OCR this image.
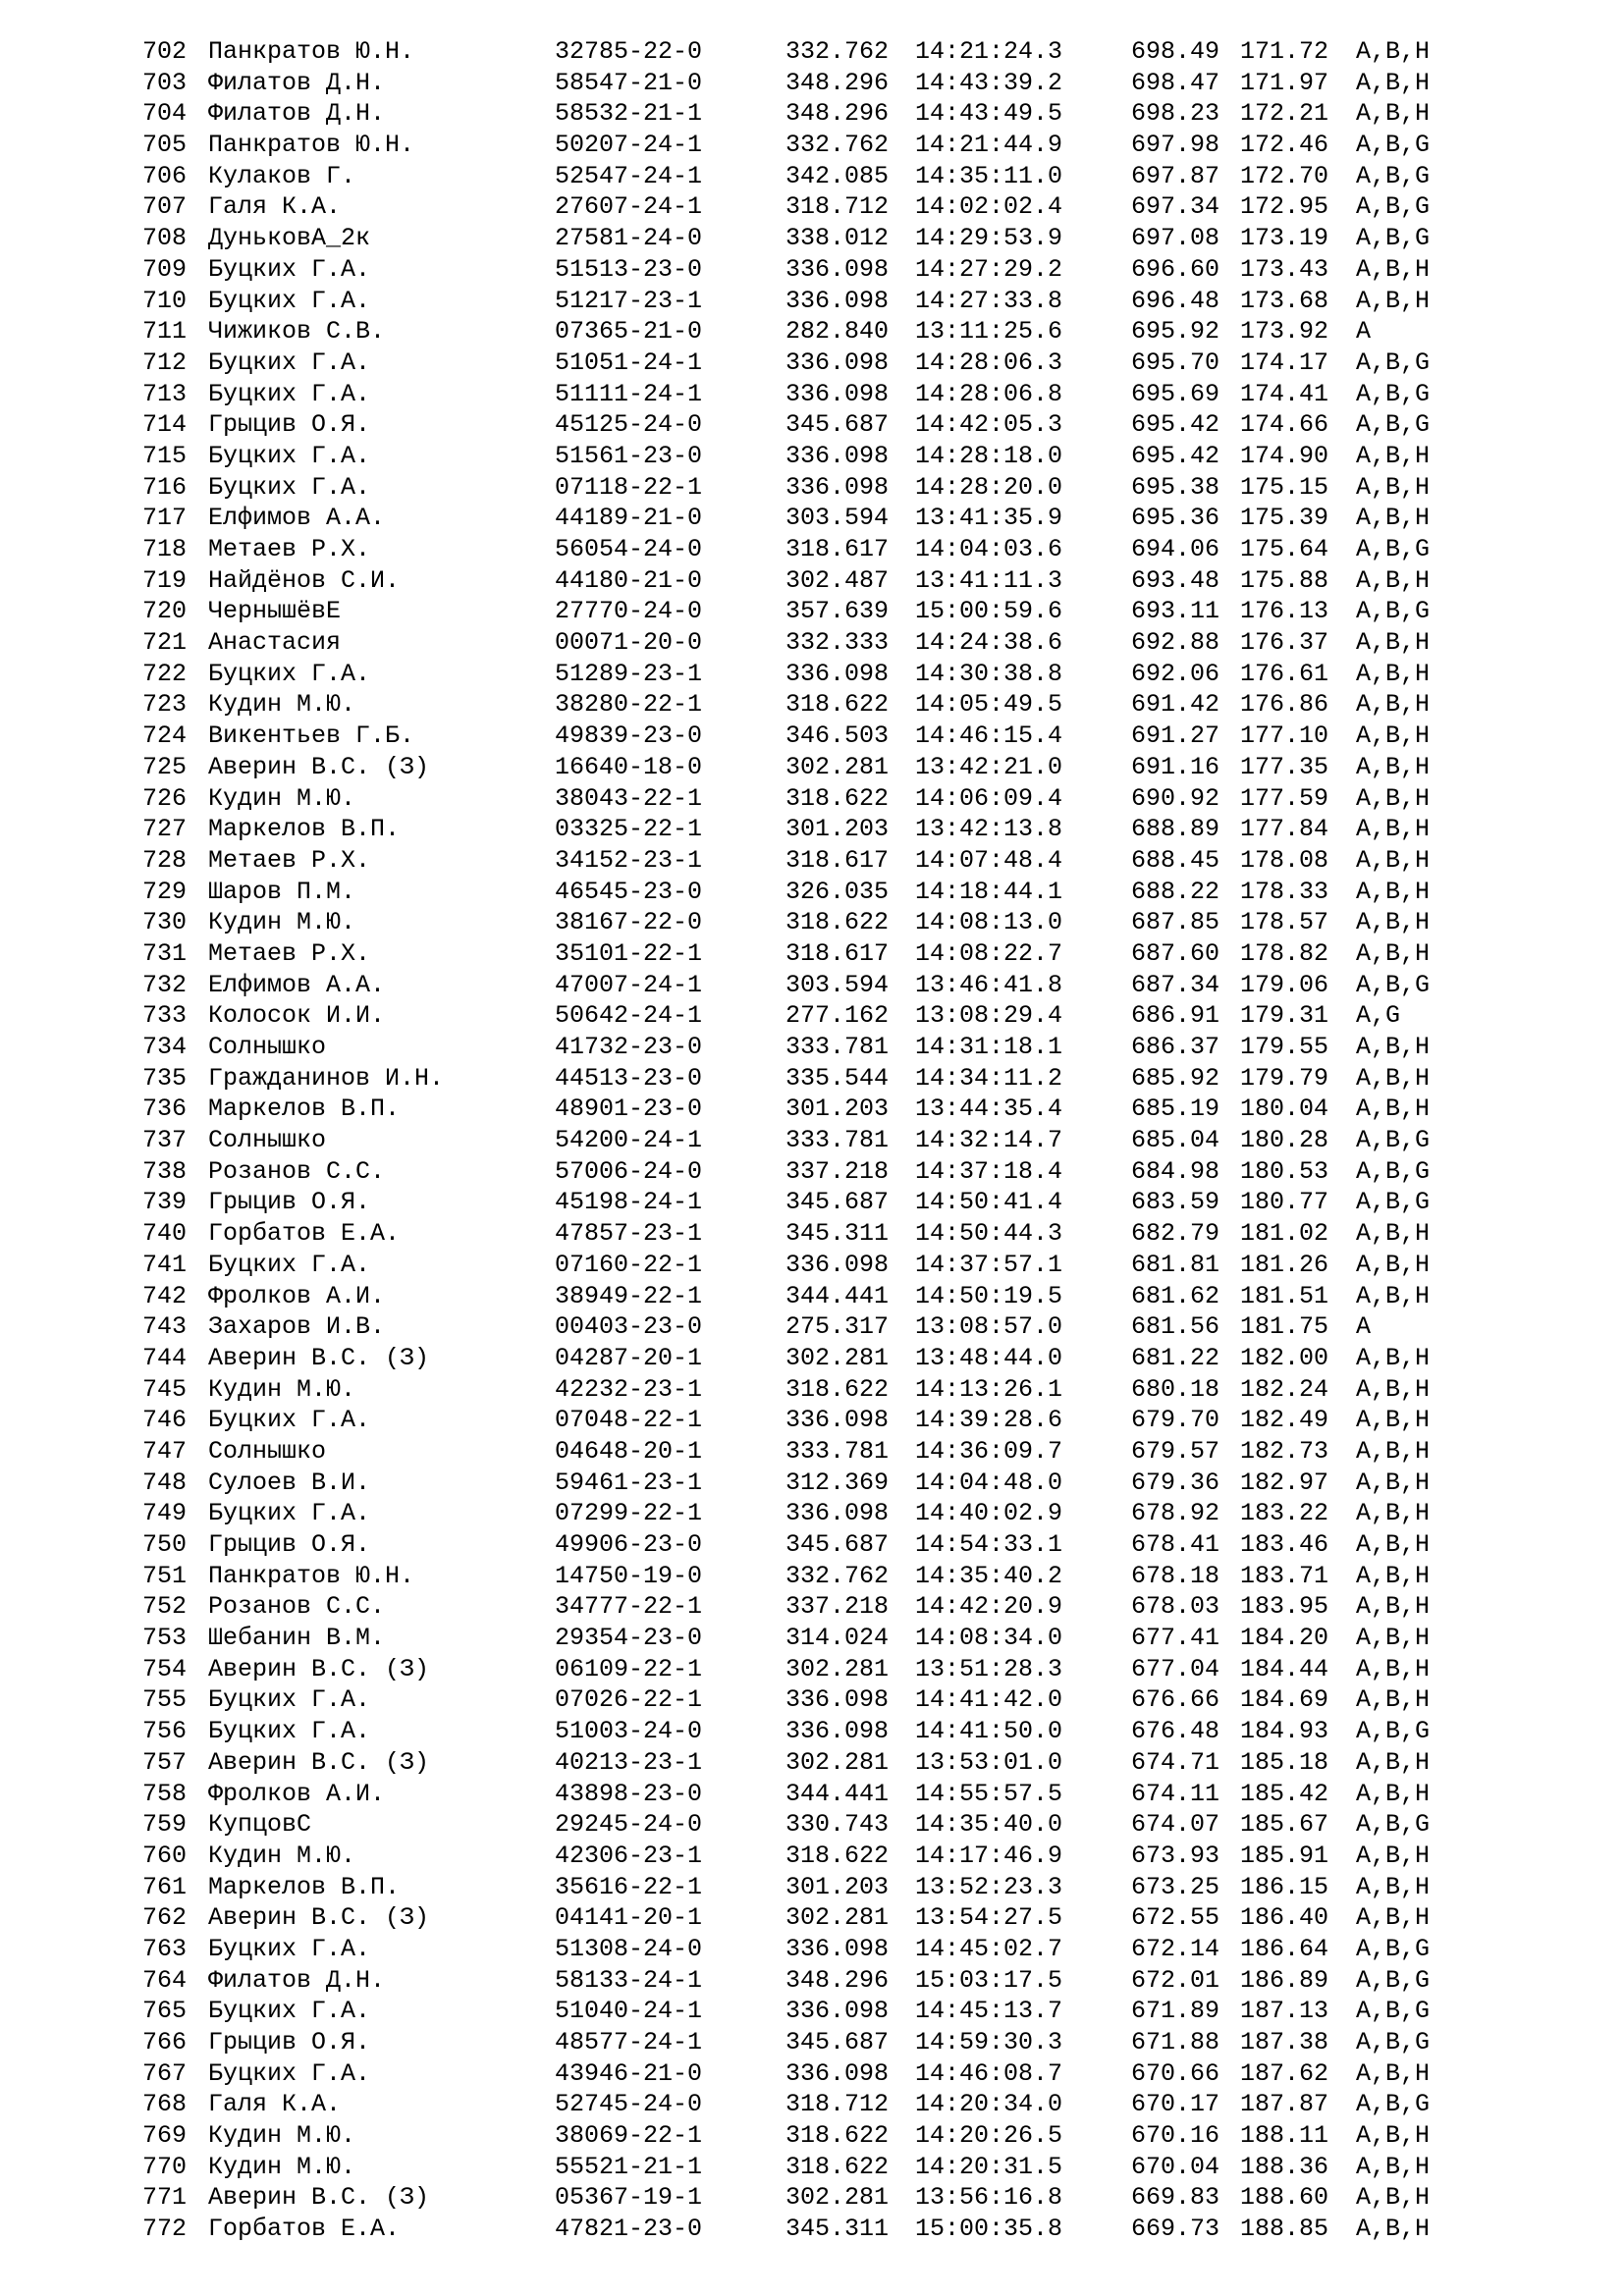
702 Панкратов Ю.Н.	32785-22-0	332.762 14:21:24.3	698.49 171.72 A,B,H
703 Филатов Д.Н.	58547-21-0	348.296 14:43:39.2	698.47 171.97 A,B,H
704 Филатов Д.Н.	58532-21-1	348.296 14:43:49.5	698.23 172.21 A,B,H
705 Панкратов Ю.Н.	50207-24-1	332.762 14:21:44.9	697.98 172.46 A,B,G
706 Кулаков Г.	52547-24-1	342.085 14:35:11.0	697.87 172.70 A,B,G
707 Галя К.А.	27607-24-1	318.712 14:02:02.4	697.34 172.95 A,B,G
708 ДуньковА_2к	27581-24-0	338.012 14:29:53.9	697.08 173.19 A,B,G
709 Буцких Г.А.	51513-23-0	336.098 14:27:29.2	696.60 173.43 A,B,H
710 Буцких Г.А.	51217-23-1	336.098 14:27:33.8	696.48 173.68 A,B,H
711 Чижиков С.В.	07365-21-0	282.840 13:11:25.6	695.92 173.92 A
712 Буцких Г.А.	51051-24-1	336.098 14:28:06.3	695.70 174.17 A,B,G
713 Буцких Г.А.	51111-24-1	336.098 14:28:06.8	695.69 174.41 A,B,G
714 Грыцив О.Я.	45125-24-0	345.687 14:42:05.3	695.42 174.66 A,B,G
715 Буцких Г.А.	51561-23-0	336.098 14:28:18.0	695.42 174.90 A,B,H
716 Буцких Г.А.	07118-22-1	336.098 14:28:20.0	695.38 175.15 A,B,H
717 Елфимов А.А.	44189-21-0	303.594 13:41:35.9	695.36 175.39 A,B,H
718 Метаев Р.Х.	56054-24-0	318.617 14:04:03.6	694.06 175.64 A,B,G
719 Найдёнов С.И.	44180-21-0	302.487 13:41:11.3	693.48 175.88 A,B,H
720 ЧернышёвЕ	27770-24-0	357.639 15:00:59.6	693.11 176.13 A,B,G
721 Анастасия	00071-20-0	332.333 14:24:38.6	692.88 176.37 A,B,H
722 Буцких Г.А.	51289-23-1	336.098 14:30:38.8	692.06 176.61 A,B,H
723 Кудин М.Ю.	38280-22-1	318.622 14:05:49.5	691.42 176.86 A,B,H
724 Викентьев Г.Б.	49839-23-0	346.503 14:46:15.4	691.27 177.10 A,B,H
725 Аверин В.С. (З)	16640-18-0	302.281 13:42:21.0	691.16 177.35 A,B,H
726 Кудин М.Ю.	38043-22-1	318.622 14:06:09.4	690.92 177.59 A,B,H
727 Маркелов В.П.	03325-22-1	301.203 13:42:13.8	688.89 177.84 A,B,H
728 Метаев Р.Х.	34152-23-1	318.617 14:07:48.4	688.45 178.08 A,B,H
729 Шаров П.М.	46545-23-0	326.035 14:18:44.1	688.22 178.33 A,B,H
730 Кудин М.Ю.	38167-22-0	318.622 14:08:13.0	687.85 178.57 A,B,H
731 Метаев Р.Х.	35101-22-1	318.617 14:08:22.7	687.60 178.82 A,B,H
732 Елфимов А.А.	47007-24-1	303.594 13:46:41.8	687.34 179.06 A,B,G
733 Колосок И.И.	50642-24-1	277.162 13:08:29.4	686.91 179.31 A,G
734 Солнышко	41732-23-0	333.781 14:31:18.1	686.37 179.55 A,B,H
735 Гражданинов И.Н.	44513-23-0	335.544 14:34:11.2	685.92 179.79 A,B,H
736 Маркелов В.П.	48901-23-0	301.203 13:44:35.4	685.19 180.04 A,B,H
737 Солнышко	54200-24-1	333.781 14:32:14.7	685.04 180.28 A,B,G
738 Розанов С.С.	57006-24-0	337.218 14:37:18.4	684.98 180.53 A,B,G
739 Грыцив О.Я.	45198-24-1	345.687 14:50:41.4	683.59 180.77 A,B,G
740 Горбатов Е.А.	47857-23-1	345.311 14:50:44.3	682.79 181.02 A,B,H
741 Буцких Г.А.	07160-22-1	336.098 14:37:57.1	681.81 181.26 A,B,H
742 Фролков А.И.	38949-22-1	344.441 14:50:19.5	681.62 181.51 A,B,H
743 Захаров И.В.	00403-23-0	275.317 13:08:57.0	681.56 181.75 A
744 Аверин В.С. (З)	04287-20-1	302.281 13:48:44.0	681.22 182.00 A,B,H
745 Кудин М.Ю.	42232-23-1	318.622 14:13:26.1	680.18 182.24 A,B,H
746 Буцких Г.А.	07048-22-1	336.098 14:39:28.6	679.70 182.49 A,B,H
747 Солнышко	04648-20-1	333.781 14:36:09.7	679.57 182.73 A,B,H
748 Сулоев В.И.	59461-23-1	312.369 14:04:48.0	679.36 182.97 A,B,H
749 Буцких Г.А.	07299-22-1	336.098 14:40:02.9	678.92 183.22 A,B,H
750 Грыцив О.Я.	49906-23-0	345.687 14:54:33.1	678.41 183.46 A,B,H
751 Панкратов Ю.Н.	14750-19-0	332.762 14:35:40.2	678.18 183.71 A,B,H
752 Розанов С.С.	34777-22-1	337.218 14:42:20.9	678.03 183.95 A,B,H
753 Шебанин В.М.	29354-23-0	314.024 14:08:34.0	677.41 184.20 A,B,H
754 Аверин В.С. (З)	06109-22-1	302.281 13:51:28.3	677.04 184.44 A,B,H
755 Буцких Г.А.	07026-22-1	336.098 14:41:42.0	676.66 184.69 A,B,H
756 Буцких Г.А.	51003-24-0	336.098 14:41:50.0	676.48 184.93 A,B,G
757 Аверин В.С. (З)	40213-23-1	302.281 13:53:01.0	674.71 185.18 A,B,H
758 Фролков А.И.	43898-23-0	344.441 14:55:57.5	674.11 185.42 A,B,H
759 КупцовС	29245-24-0	330.743 14:35:40.0	674.07 185.67 A,B,G
760 Кудин М.Ю.	42306-23-1	318.622 14:17:46.9	673.93 185.91 A,B,H
761 Маркелов В.П.	35616-22-1	301.203 13:52:23.3	673.25 186.15 A,B,H
762 Аверин В.С. (З)	04141-20-1	302.281 13:54:27.5	672.55 186.40 A,B,H
763 Буцких Г.А.	51308-24-0	336.098 14:45:02.7	672.14 186.64 A,B,G
764 Филатов Д.Н.	58133-24-1	348.296 15:03:17.5	672.01 186.89 A,B,G
765 Буцких Г.А.	51040-24-1	336.098 14:45:13.7	671.89 187.13 A,B,G
766 Грыцив О.Я.	48577-24-1	345.687 14:59:30.3	671.88 187.38 A,B,G
767 Буцких Г.А.	43946-21-0	336.098 14:46:08.7	670.66 187.62 A,B,H
768 Галя К.А.	52745-24-0	318.712 14:20:34.0	670.17 187.87 A,B,G
769 Кудин М.Ю.	38069-22-1	318.622 14:20:26.5	670.16 188.11 A,B,H
770 Кудин М.Ю.	55521-21-1	318.622 14:20:31.5	670.04 188.36 A,B,H
771 Аверин В.С. (З)	05367-19-1	302.281 13:56:16.8	669.83 188.60 A,B,H
772 Горбатов Е.А.	47821-23-0	345.311 15:00:35.8	669.73 188.85 A,B,H
